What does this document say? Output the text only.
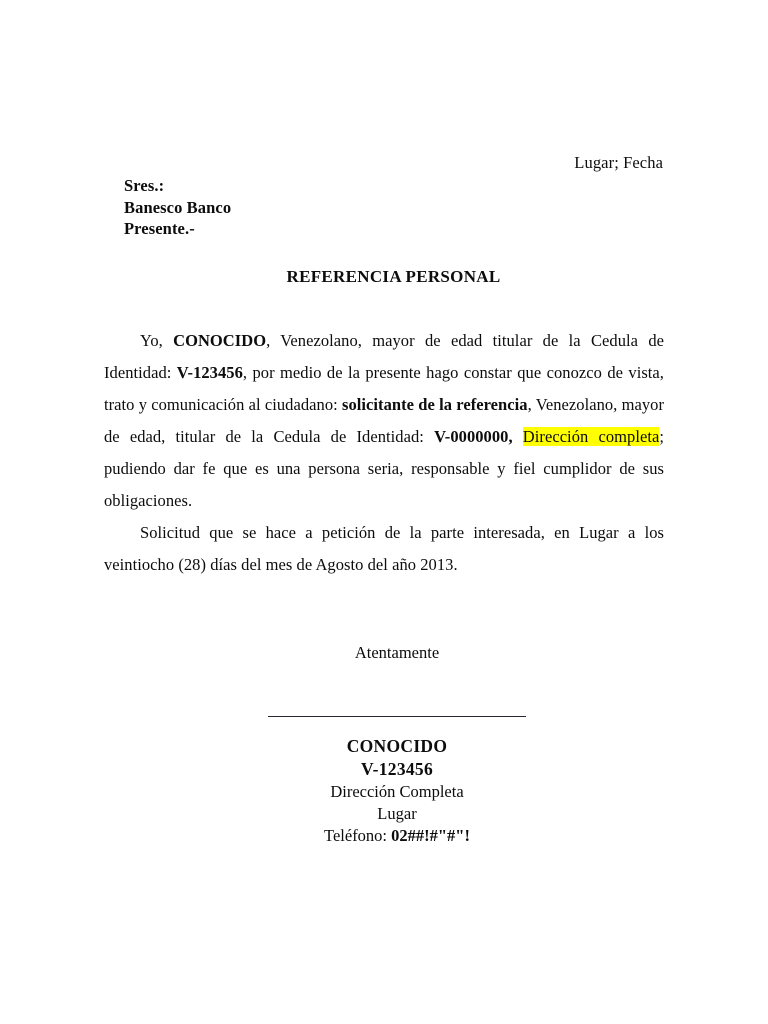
Lugar; Fecha
Sres.:
Banesco Banco
Presente.-
REFERENCIA PERSONAL

Yo, CONOCIDO, Venezolano, mayor de edad titular de la Cedula de Identidad: V-123456, por medio de la presente hago constar que conozco de vista, trato y comunicación al ciudadano: solicitante de la referencia, Venezolano, mayor de edad, titular de la Cedula de Identidad: V-0000000, Dirección completa; pudiendo dar fe que es una persona seria, responsable y fiel cumplidor de sus obligaciones.

Solicitud que se hace a petición de la parte interesada, en Lugar a los veintiocho (28) días del mes de Agosto del año 2013.

Atentamente
CONOCIDO
V-123456
Dirección Completa
Lugar
Teléfono: 02##!#"#"!
